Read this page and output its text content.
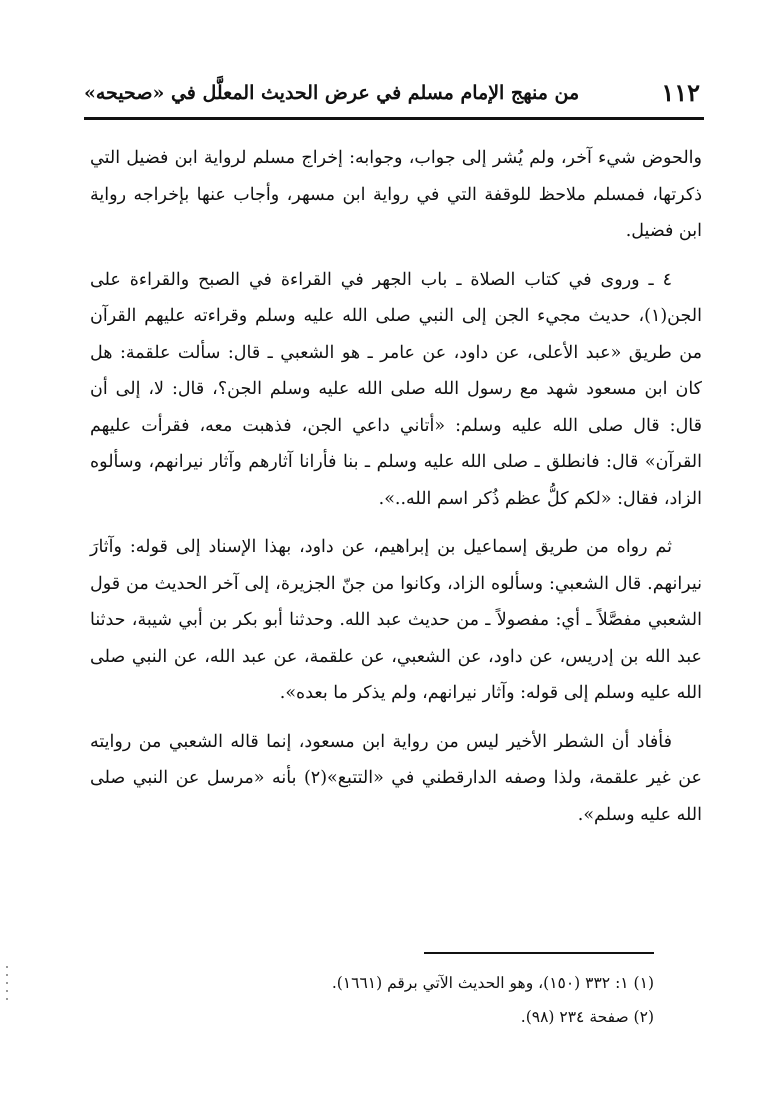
١١٢
من منهج الإمام مسلم في عرض الحديث المعلَّل في «صحيحه»

والحوض شيء آخر، ولم يُشر إلى جواب، وجوابه: إخراج مسلم لرواية ابن فضيل التي ذكرتها، فمسلم ملاحظ للوقفة التي في رواية ابن مسهر، وأجاب عنها بإخراجه رواية ابن فضيل.

٤ ـ وروى في كتاب الصلاة ـ باب الجهر في القراءة في الصبح والقراءة على الجن(١)، حديث مجيء الجن إلى النبي صلى الله عليه وسلم وقراءته عليهم القرآن من طريق «عبد الأعلى، عن داود، عن عامر ـ هو الشعبي ـ قال: سألت علقمة: هل كان ابن مسعود شهد مع رسول الله صلى الله عليه وسلم الجن؟، قال: لا، إلى أن قال: قال صلى الله عليه وسلم: «أتاني داعي الجن، فذهبت معه، فقرأت عليهم القرآن» قال: فانطلق ـ صلى الله عليه وسلم ـ بنا فأرانا آثارهم وآثار نيرانهم، وسألوه الزاد، فقال: «لكم كلُّ عظم ذُكر اسم الله..».

ثم رواه من طريق إسماعيل بن إبراهيم، عن داود، بهذا الإسناد إلى قوله: وآثارَ نيرانهم. قال الشعبي: وسألوه الزاد، وكانوا من جنّ الجزيرة، إلى آخر الحديث من قول الشعبي مفصَّلاً ـ أي: مفصولاً ـ من حديث عبد الله. وحدثنا أبو بكر بن أبي شيبة، حدثنا عبد الله بن إدريس، عن داود، عن الشعبي، عن علقمة، عن عبد الله، عن النبي صلى الله عليه وسلم إلى قوله: وآثار نيرانهم، ولم يذكر ما بعده».

فأفاد أن الشطر الأخير ليس من رواية ابن مسعود، إنما قاله الشعبي من روايته عن غير علقمة، ولذا وصفه الدارقطني في «التتبع»(٢) بأنه «مرسل عن النبي صلى الله عليه وسلم».

(١) ١: ٣٣٢ (١٥٠)، وهو الحديث الآتي برقم (١٦٦١).

(٢) صفحة ٢٣٤ (٩٨).
